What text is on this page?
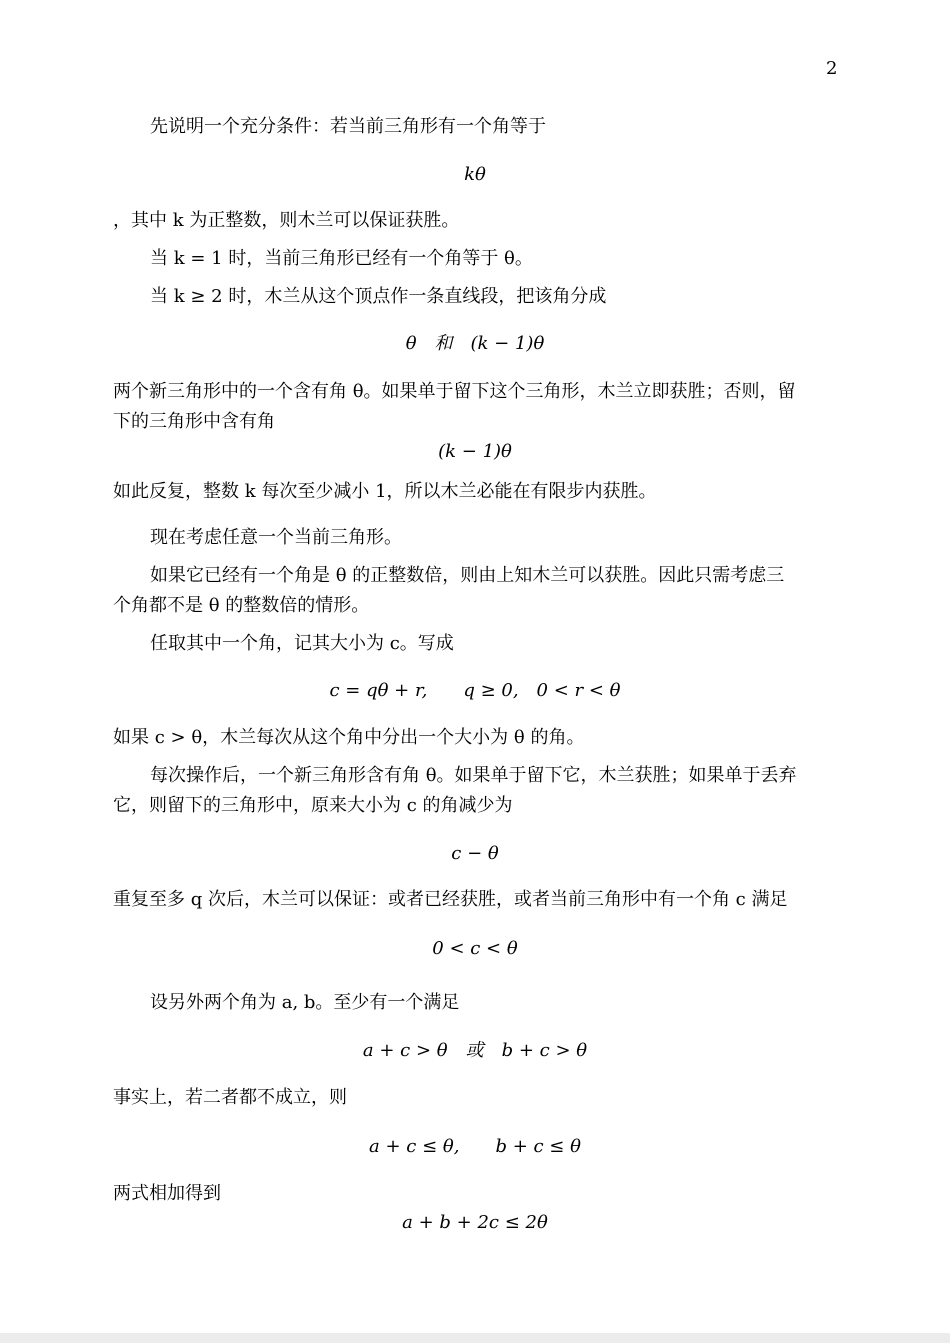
2
先说明一个充分条件：若当前三角形有一个角等于
kθ
，其中 k 为正整数，则木兰可以保证获胜。
当 k = 1 时，当前三角形已经有一个角等于 θ。
当 k ≥ 2 时，木兰从这个顶点作一条直线段，把该角分成
θ　和　(k − 1)θ
两个新三角形中的一个含有角 θ。如果单于留下这个三角形，木兰立即获胜；否则，留
下的三角形中含有角
(k − 1)θ
如此反复，整数 k 每次至少减小 1，所以木兰必能在有限步内获胜。
现在考虑任意一个当前三角形。
如果它已经有一个角是 θ 的正整数倍，则由上知木兰可以获胜。因此只需考虑三
个角都不是 θ 的整数倍的情形。
任取其中一个角，记其大小为 c。写成
c = qθ + r,　　q ≥ 0,　0 < r < θ
如果 c > θ，木兰每次从这个角中分出一个大小为 θ 的角。
每次操作后，一个新三角形含有角 θ。如果单于留下它，木兰获胜；如果单于丢弃
它，则留下的三角形中，原来大小为 c 的角减少为
c − θ
重复至多 q 次后，木兰可以保证：或者已经获胜，或者当前三角形中有一个角 c 满足
0 < c < θ
设另外两个角为 a, b。至少有一个满足
a + c > θ　或　b + c > θ
事实上，若二者都不成立，则
a + c ≤ θ,　　b + c ≤ θ
两式相加得到
a + b + 2c ≤ 2θ
